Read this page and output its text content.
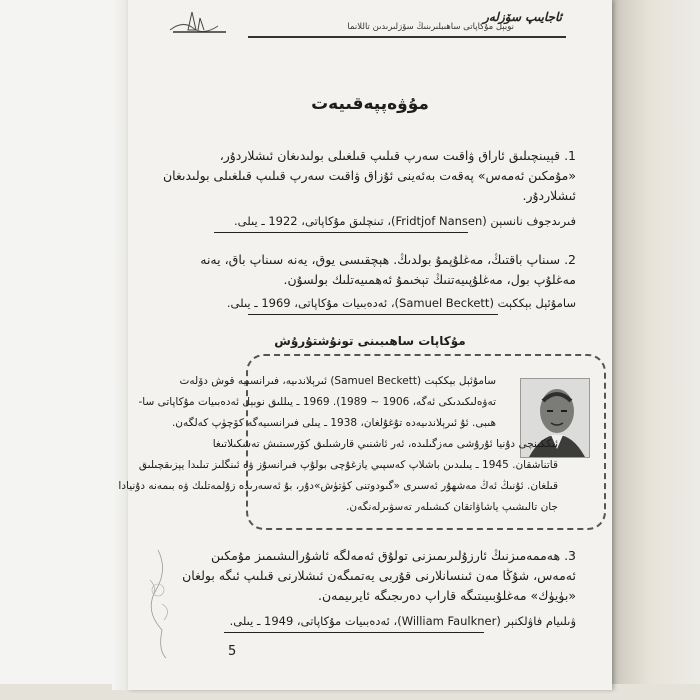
ئاجايىپ سۆزلەر
نوبېل مۇكاپاتى ساھىبلىرىنىڭ سۆزلىرىدىن تاللانما
مۇۋەپپەقىيەت
1. قېيىنچىلىق ئاراق ۋاقىت سەرپ قىلىپ قىلغىلى بولىدىغان ئىشلاردۇر،
«مۇمكىن ئەمەس» پەقەت بەئەينى ئۇزاق ۋاقىت سەرپ قىلىپ قىلغىلى بولىدىغان
ئىشلاردۇر.
فىرىدجوف نانسېن (Fridtjof Nansen)، تىنچلىق مۇكاپاتى، 1922 ـ يىلى.
2. سىناپ باقتىڭ، مەغلۇپمۇ بولدىڭ. ھېچقىسى يوق، يەنە سىناپ باق، يەنە
مەغلۇپ بول، مەغلۇپىيەتنىڭ تېخىمۇ ئەھمىيەتلىك بولسۇن.
سامۇئېل بېككېت (Samuel Beckett)، ئەدەبىيات مۇكاپاتى، 1969 ـ يىلى.
مۇكاپات ساھىبىنى تونۇشتۇرۇش
سامۇئېل بېككېت (Samuel Beckett) ئىرېلاندىيە، فىرانسىيە قوش دۆلەت
تەۋەلىكىدىكى ئەگە، 1906 ~ 1989). 1969 ـ يىللىق نوبېل ئەدەبىيات مۇكاپاتى سا-
ھىبى. ئۇ ئىرېلاندىيەدە تۇغۇلغان، 1938 ـ يىلى فىرانسىيەگە كۆچۈپ كەلگەن.
ئىككىنچى دۇنيا ئۇرۇشى مەزگىلىدە، ئەر ئاشنىي قارشىلىق كۆرسىتىش تەشكىلاتىغا
قاتناشقان. 1945 ـ يىلىدىن باشلاپ كەسپىي يازغۇچى بولۇپ فىرانسۇز ۋە ئىنگلىز تىلىدا يېزىقچىلىق
قىلغان. ئۇنىڭ ئەڭ مەشھۇر ئەسىرى «گىودوتنى كۈتۈش»دۇر، بۇ ئەسەرىدە زۇلمەتلىك ۋە بىمەنە دۇنيادا
جان تالىشىپ ياشاۋاتقان كىشىلەر تەسۋىرلەنگەن.
3. ھەممەمىزنىڭ ئارزۇلىرىمىزنى تولۇق ئەمەلگە ئاشۇرالىشىمىز مۇمكىن
ئەمەس، شۇڭا مەن ئىنسانلارنى قۇربى يەتمىگەن ئىشلارنى قىلىپ ئىگە بولغان
«بۈيۈك» مەغلۇبىيىتىگە قاراپ دەرىجىگە ئايرىيمەن.
ۋىلىيام فاۋلكنېر (William Faulkner)، ئەدەبىيات مۇكاپاتى، 1949 ـ يىلى.
5
